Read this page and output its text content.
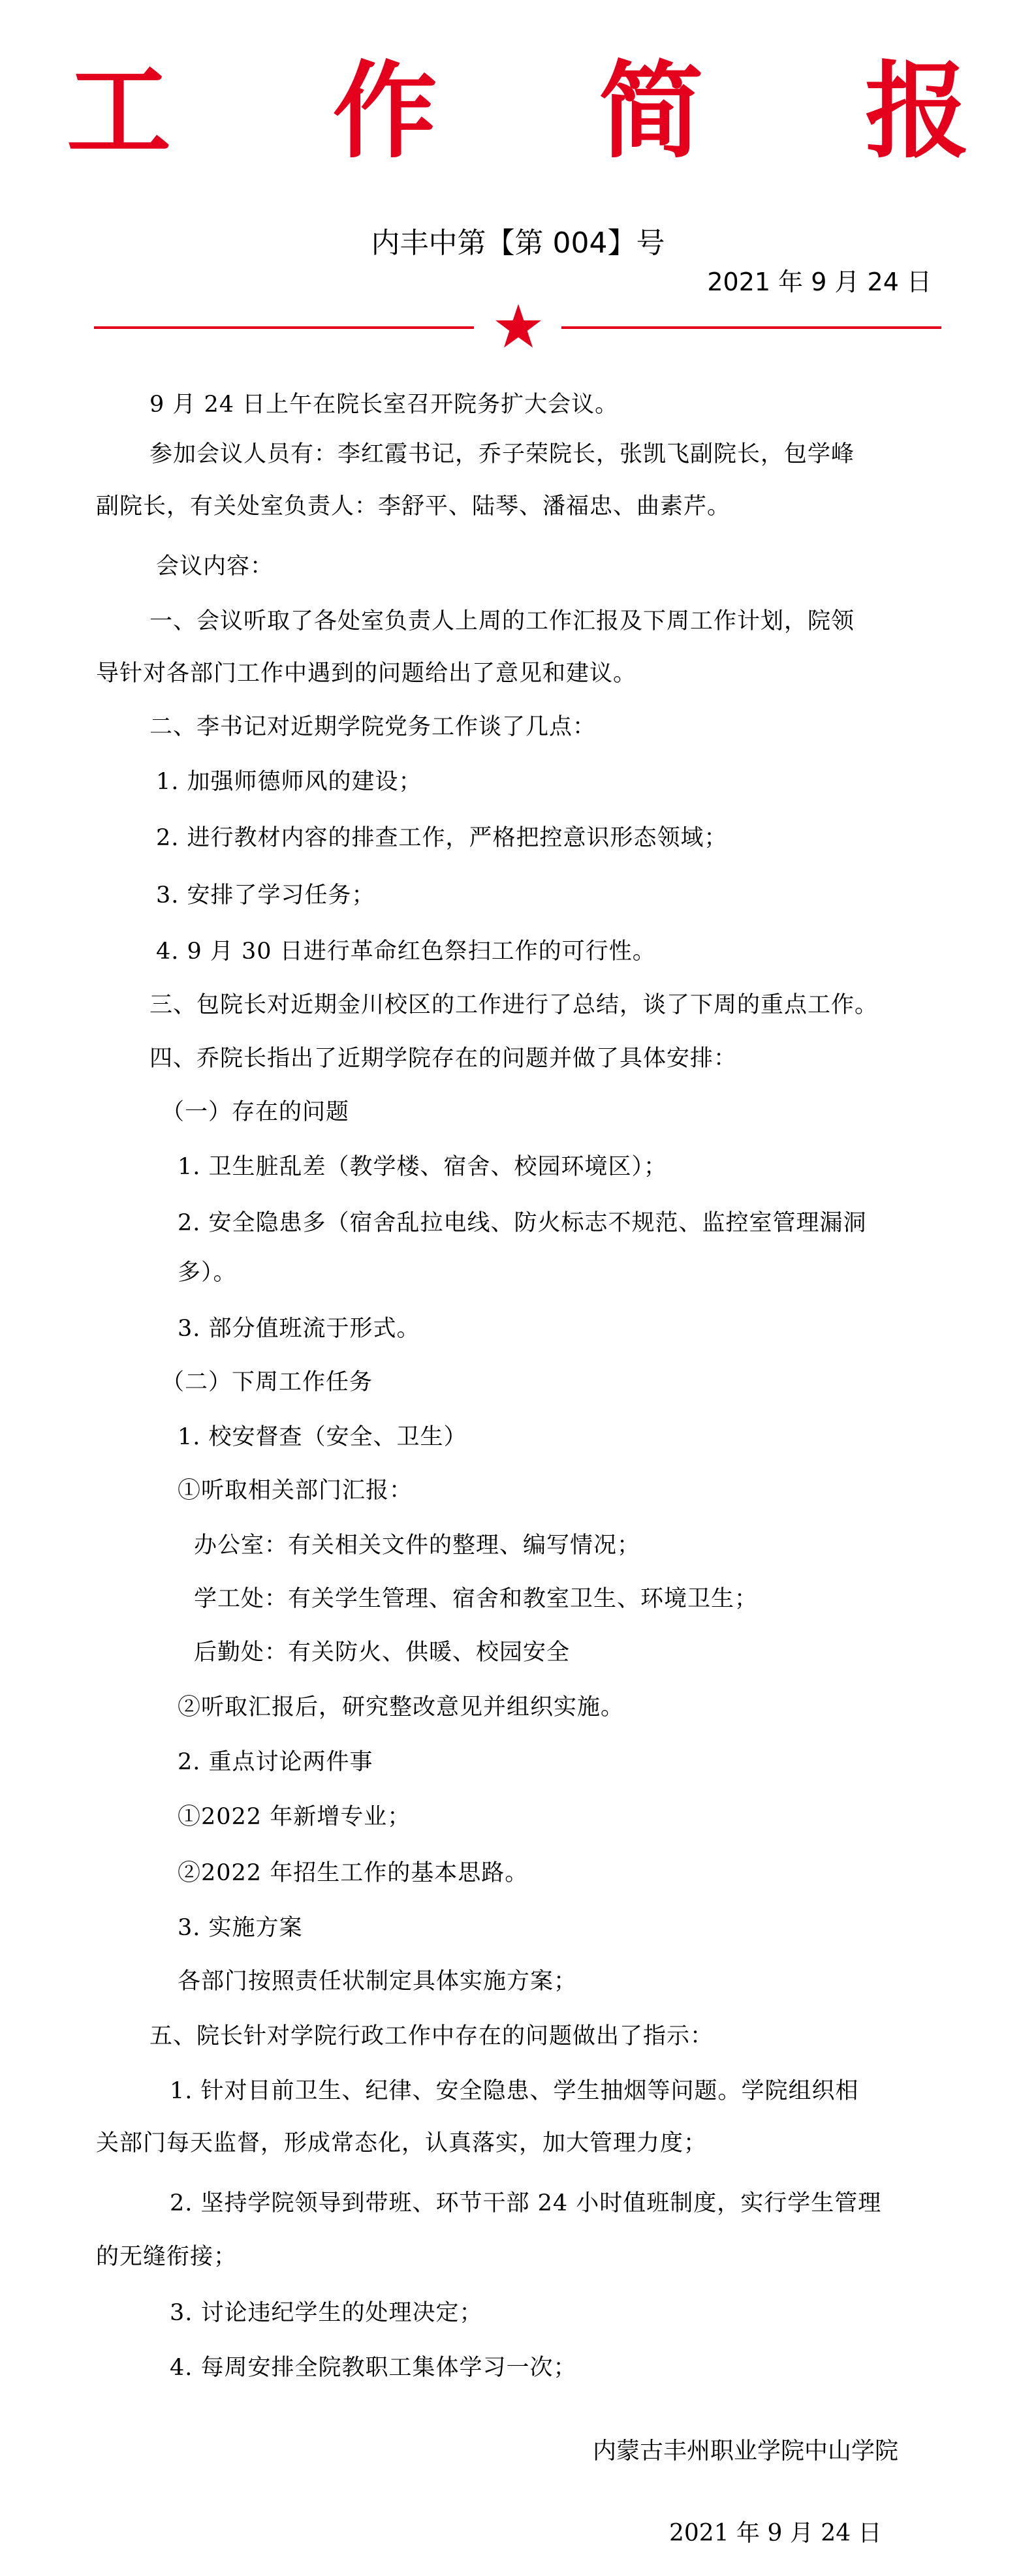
工 作 简 报
内丰中第【第 004】号
2021 年 9 月 24 日
9 月 24 日上午在院长室召开院务扩大会议。
参加会议人员有：李红霞书记，乔子荣院长，张凯飞副院长，包学峰
副院长，有关处室负责人：李舒平、陆琴、潘福忠、曲素芹。
会议内容：
一、会议听取了各处室负责人上周的工作汇报及下周工作计划，院领
导针对各部门工作中遇到的问题给出了意见和建议。
二、李书记对近期学院党务工作谈了几点：
1. 加强师德师风的建设；
2. 进行教材内容的排查工作，严格把控意识形态领域；
3. 安排了学习任务；
4. 9 月 30 日进行革命红色祭扫工作的可行性。
三、包院长对近期金川校区的工作进行了总结，谈了下周的重点工作。
四、乔院长指出了近期学院存在的问题并做了具体安排：
（一）存在的问题
1. 卫生脏乱差（教学楼、宿舍、校园环境区）；
2. 安全隐患多（宿舍乱拉电线、防火标志不规范、监控室管理漏洞
多）。
3. 部分值班流于形式。
（二）下周工作任务
1. 校安督查（安全、卫生）
①听取相关部门汇报：
办公室：有关相关文件的整理、编写情况；
学工处：有关学生管理、宿舍和教室卫生、环境卫生；
后勤处：有关防火、供暖、校园安全
②听取汇报后，研究整改意见并组织实施。
2. 重点讨论两件事
①2022 年新增专业；
②2022 年招生工作的基本思路。
3. 实施方案
各部门按照责任状制定具体实施方案；
五、院长针对学院行政工作中存在的问题做出了指示：
1. 针对目前卫生、纪律、安全隐患、学生抽烟等问题。学院组织相
关部门每天监督，形成常态化，认真落实，加大管理力度；
2. 坚持学院领导到带班、环节干部 24 小时值班制度，实行学生管理
的无缝衔接；
3. 讨论违纪学生的处理决定；
4. 每周安排全院教职工集体学习一次；
内蒙古丰州职业学院中山学院
2021 年 9 月 24 日
